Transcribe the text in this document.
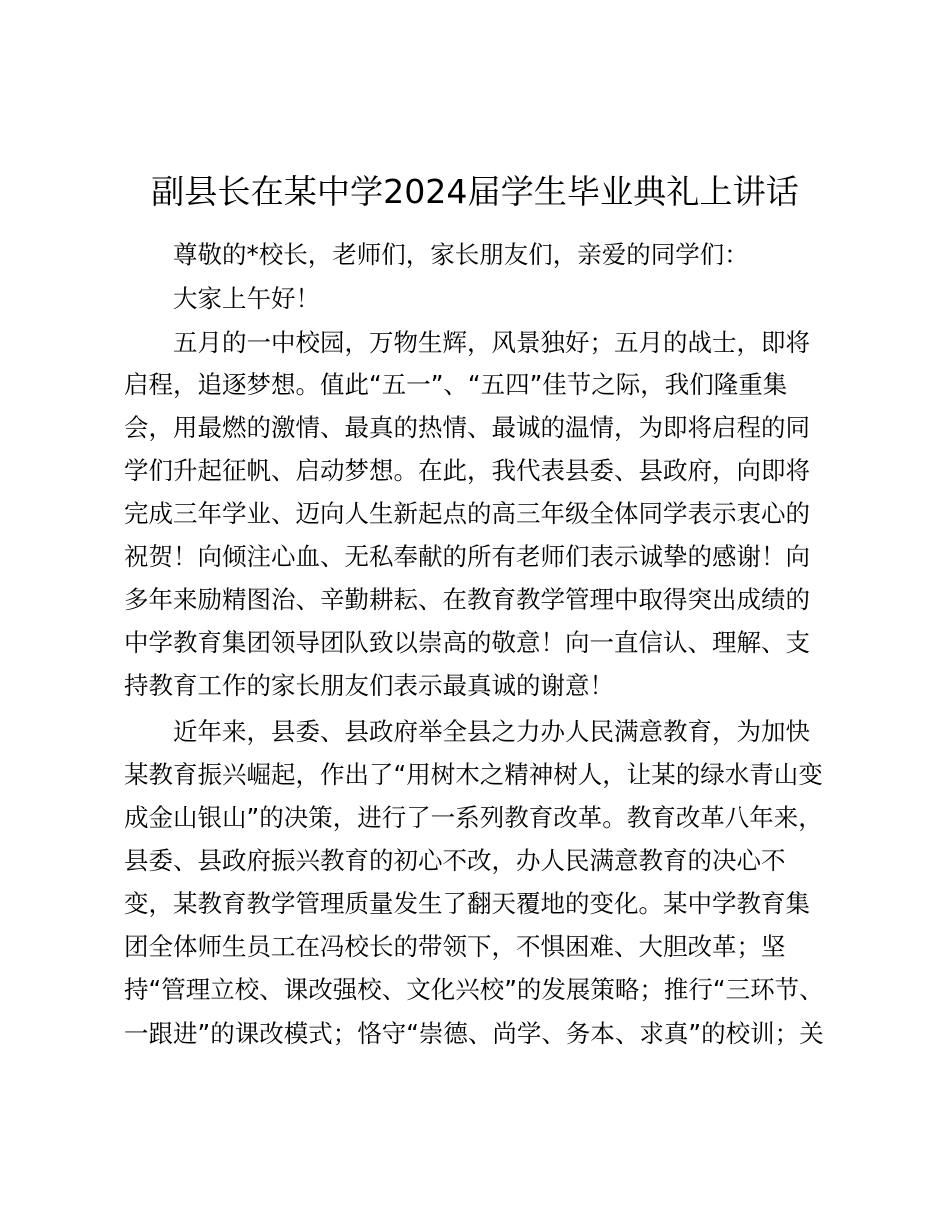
副县长在某中学2024届学生毕业典礼上讲话
尊敬的*校长，老师们，家长朋友们，亲爱的同学们：
大家上午好！
五月的一中校园，万物生辉，风景独好；五月的战士，即将
启程，追逐梦想。值此“五一”、“五四”佳节之际，我们隆重集
会，用最燃的激情、最真的热情、最诚的温情，为即将启程的同
学们升起征帆、启动梦想。在此，我代表县委、县政府，向即将
完成三年学业、迈向人生新起点的高三年级全体同学表示衷心的
祝贺！向倾注心血、无私奉献的所有老师们表示诚挚的感谢！向
多年来励精图治、辛勤耕耘、在教育教学管理中取得突出成绩的
中学教育集团领导团队致以崇高的敬意！向一直信认、理解、支
持教育工作的家长朋友们表示最真诚的谢意！
近年来，县委、县政府举全县之力办人民满意教育，为加快
某教育振兴崛起，作出了“用树木之精神树人，让某的绿水青山变
成金山银山”的决策，进行了一系列教育改革。教育改革八年来，
县委、县政府振兴教育的初心不改，办人民满意教育的决心不
变，某教育教学管理质量发生了翻天覆地的变化。某中学教育集
团全体师生员工在冯校长的带领下，不惧困难、大胆改革；坚
持“管理立校、课改强校、文化兴校”的发展策略；推行“三环节、
一跟进”的课改模式；恪守“崇德、尚学、务本、求真”的校训；关
